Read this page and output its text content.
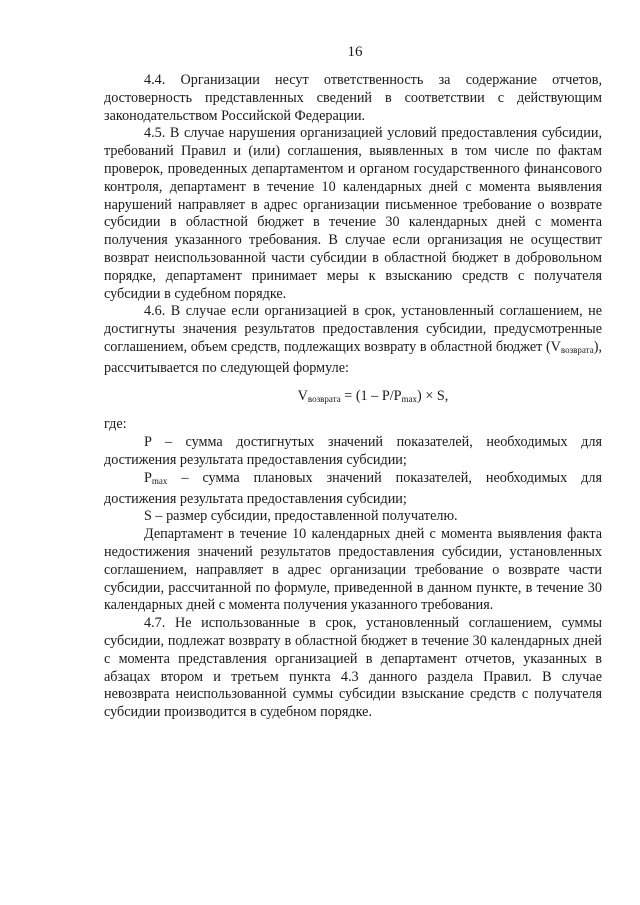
16

4.4. Организации несут ответственность за содержание отчетов, достоверность представленных сведений в соответствии с действующим законодательством Российской Федерации.

4.5. В случае нарушения организацией условий предоставления субсидии, требований Правил и (или) соглашения, выявленных в том числе по фактам проверок, проведенных департаментом и органом государственного финансового контроля, департамент в течение 10 календарных дней с момента выявления нарушений направляет в адрес организации письменное требование о возврате субсидии в областной бюджет в течение 30 календарных дней с момента получения указанного требования. В случае если организация не осуществит возврат неиспользованной части субсидии в областной бюджет в добровольном порядке, департамент принимает меры к взысканию средств с получателя субсидии в судебном порядке.

4.6. В случае если организацией в срок, установленный соглашением, не достигнуты значения результатов предоставления субсидии, предусмотренные соглашением, объем средств, подлежащих возврату в областной бюджет $(V_{возврата})$, рассчитывается по следующей формуле:

$V_{возврата} = (1 - P/P_{max}) \times S$,

где:

P – сумма достигнутых значений показателей, необходимых для достижения результата предоставления субсидии;

$P_{max}$ – сумма плановых значений показателей, необходимых для достижения результата предоставления субсидии;

S – размер субсидии, предоставленной получателю.

Департамент в течение 10 календарных дней с момента выявления факта недостижения значений результатов предоставления субсидии, установленных соглашением, направляет в адрес организации требование о возврате части субсидии, рассчитанной по формуле, приведенной в данном пункте, в течение 30 календарных дней с момента получения указанного требования.

4.7. Не использованные в срок, установленный соглашением, суммы субсидии, подлежат возврату в областной бюджет в течение 30 календарных дней с момента представления организацией в департамент отчетов, указанных в абзацах втором и третьем пункта 4.3 данного раздела Правил. В случае невозврата неиспользованной суммы субсидии взыскание средств с получателя субсидии производится в судебном порядке.
